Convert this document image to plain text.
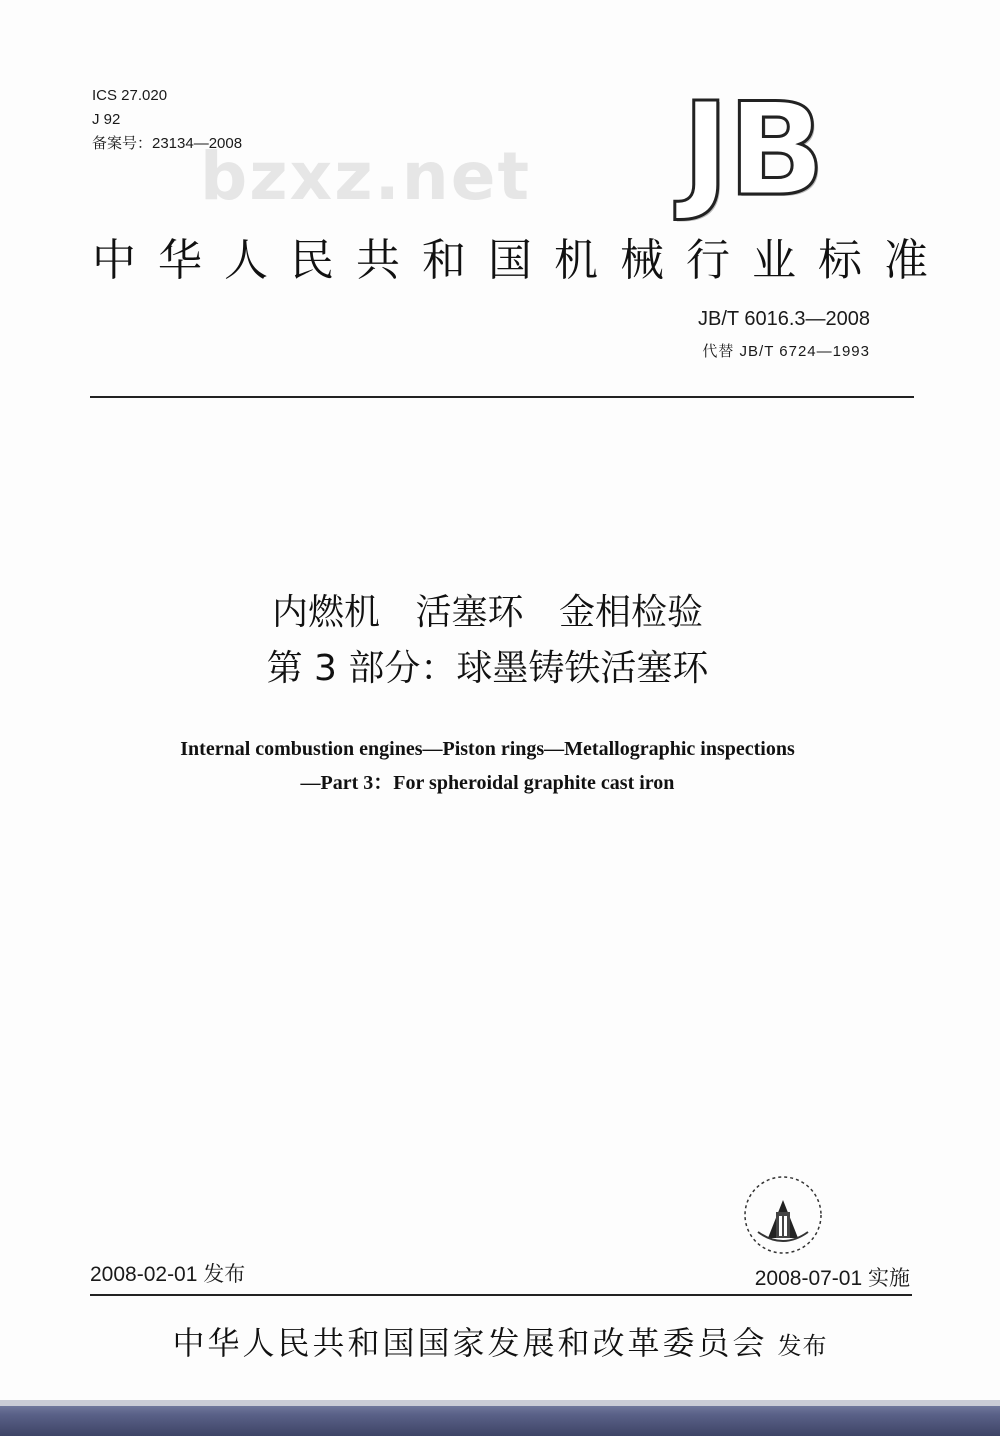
ICS 27.020
J 92
备案号：23134—2008
bzxz.net JB
中华人民共和国机械行业标准
JB/T 6016.3—2008
代替 JB/T 6724—1993
内燃机 活塞环 金相检验
第 3 部分：球墨铸铁活塞环
Internal combustion engines—Piston rings—Metallographic inspections
—Part 3：For spheroidal graphite cast iron
2008-02-01 发布	2008-07-01 实施
中华人民共和国国家发展和改革委员会 发布
